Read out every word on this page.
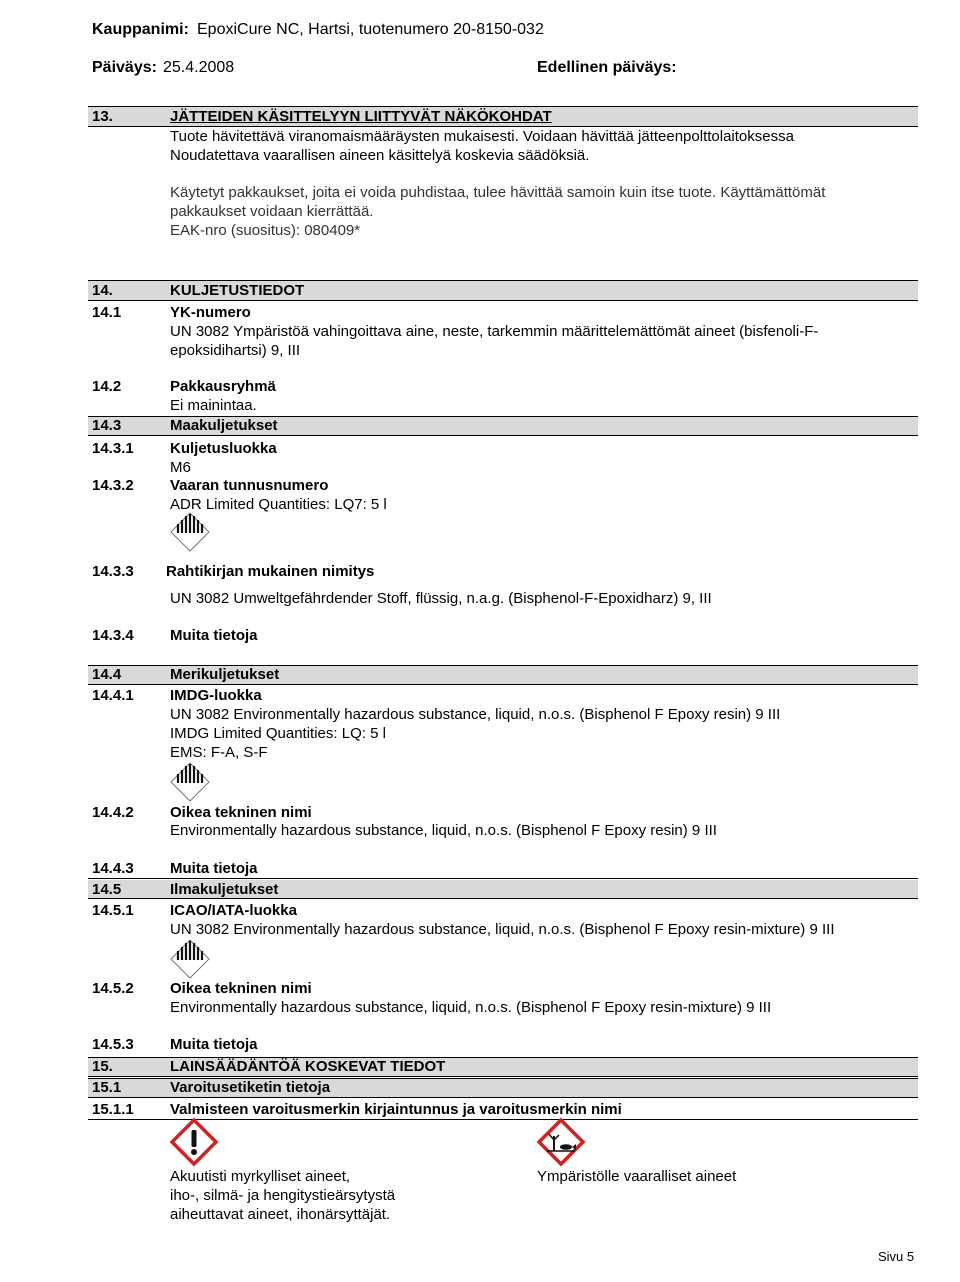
Kauppanimi: EpoxiCure NC, Hartsi, tuotenumero 20-8150-032
Päiväys: 25.4.2008	Edellinen päiväys:
13.	JÄTTEIDEN KÄSITTELYYN LIITTYVÄT NÄKÖKOHDAT
Tuote hävitettävä viranomaismääräysten mukaisesti. Voidaan hävittää jätteenpolttolaitoksessa
Noudatettava vaarallisen aineen käsittelyä koskevia säädöksiä.
Käytetyt pakkaukset, joita ei voida puhdistaa, tulee hävittää samoin kuin itse tuote. Käyttämättömät
pakkaukset voidaan kierrättää.
EAK-nro (suositus): 080409*
14.	KULJETUSTIEDOT
14.1	YK-numero
UN 3082 Ympäristöä vahingoittava aine, neste, tarkemmin määrittelemättömät aineet (bisfenoli-F-
epoksidihartsi) 9, III
14.2	Pakkausryhmä
Ei mainintaa.
14.3	Maakuljetukset
14.3.1 Kuljetusluokka
M6
14.3.2 Vaaran tunnusnumero
ADR Limited Quantities: LQ7: 5 l
14.3.3 Rahtikirjan mukainen nimitys
UN 3082 Umweltgefährdender Stoff, flüssig, n.a.g. (Bisphenol-F-Epoxidharz) 9, III
14.3.4 Muita tietoja
14.4	Merikuljetukset
14.4.1 IMDG-luokka
UN 3082 Environmentally hazardous substance, liquid, n.o.s. (Bisphenol F Epoxy resin) 9 III
IMDG Limited Quantities: LQ: 5 l
EMS: F-A, S-F
14.4.2 Oikea tekninen nimi
Environmentally hazardous substance, liquid, n.o.s. (Bisphenol F Epoxy resin) 9 III
14.4.3 Muita tietoja
14.5	Ilmakuljetukset
14.5.1 ICAO/IATA-luokka
UN 3082 Environmentally hazardous substance, liquid, n.o.s. (Bisphenol F Epoxy resin-mixture) 9 III
14.5.2 Oikea tekninen nimi
Environmentally hazardous substance, liquid, n.o.s. (Bisphenol F Epoxy resin-mixture) 9 III
14.5.3 Muita tietoja
15.	LAINSÄÄDÄNTÖÄ KOSKEVAT TIEDOT
15.1	Varoitusetiketin tietoja
15.1.1 Valmisteen varoitusmerkin kirjaintunnus ja varoitusmerkin nimi
Akuutisti myrkylliset aineet,
iho-, silmä- ja hengitystieärsytystä
aiheuttavat aineet, ihonärsyttäjät.
Ympäristölle vaaralliset aineet
Sivu 5
